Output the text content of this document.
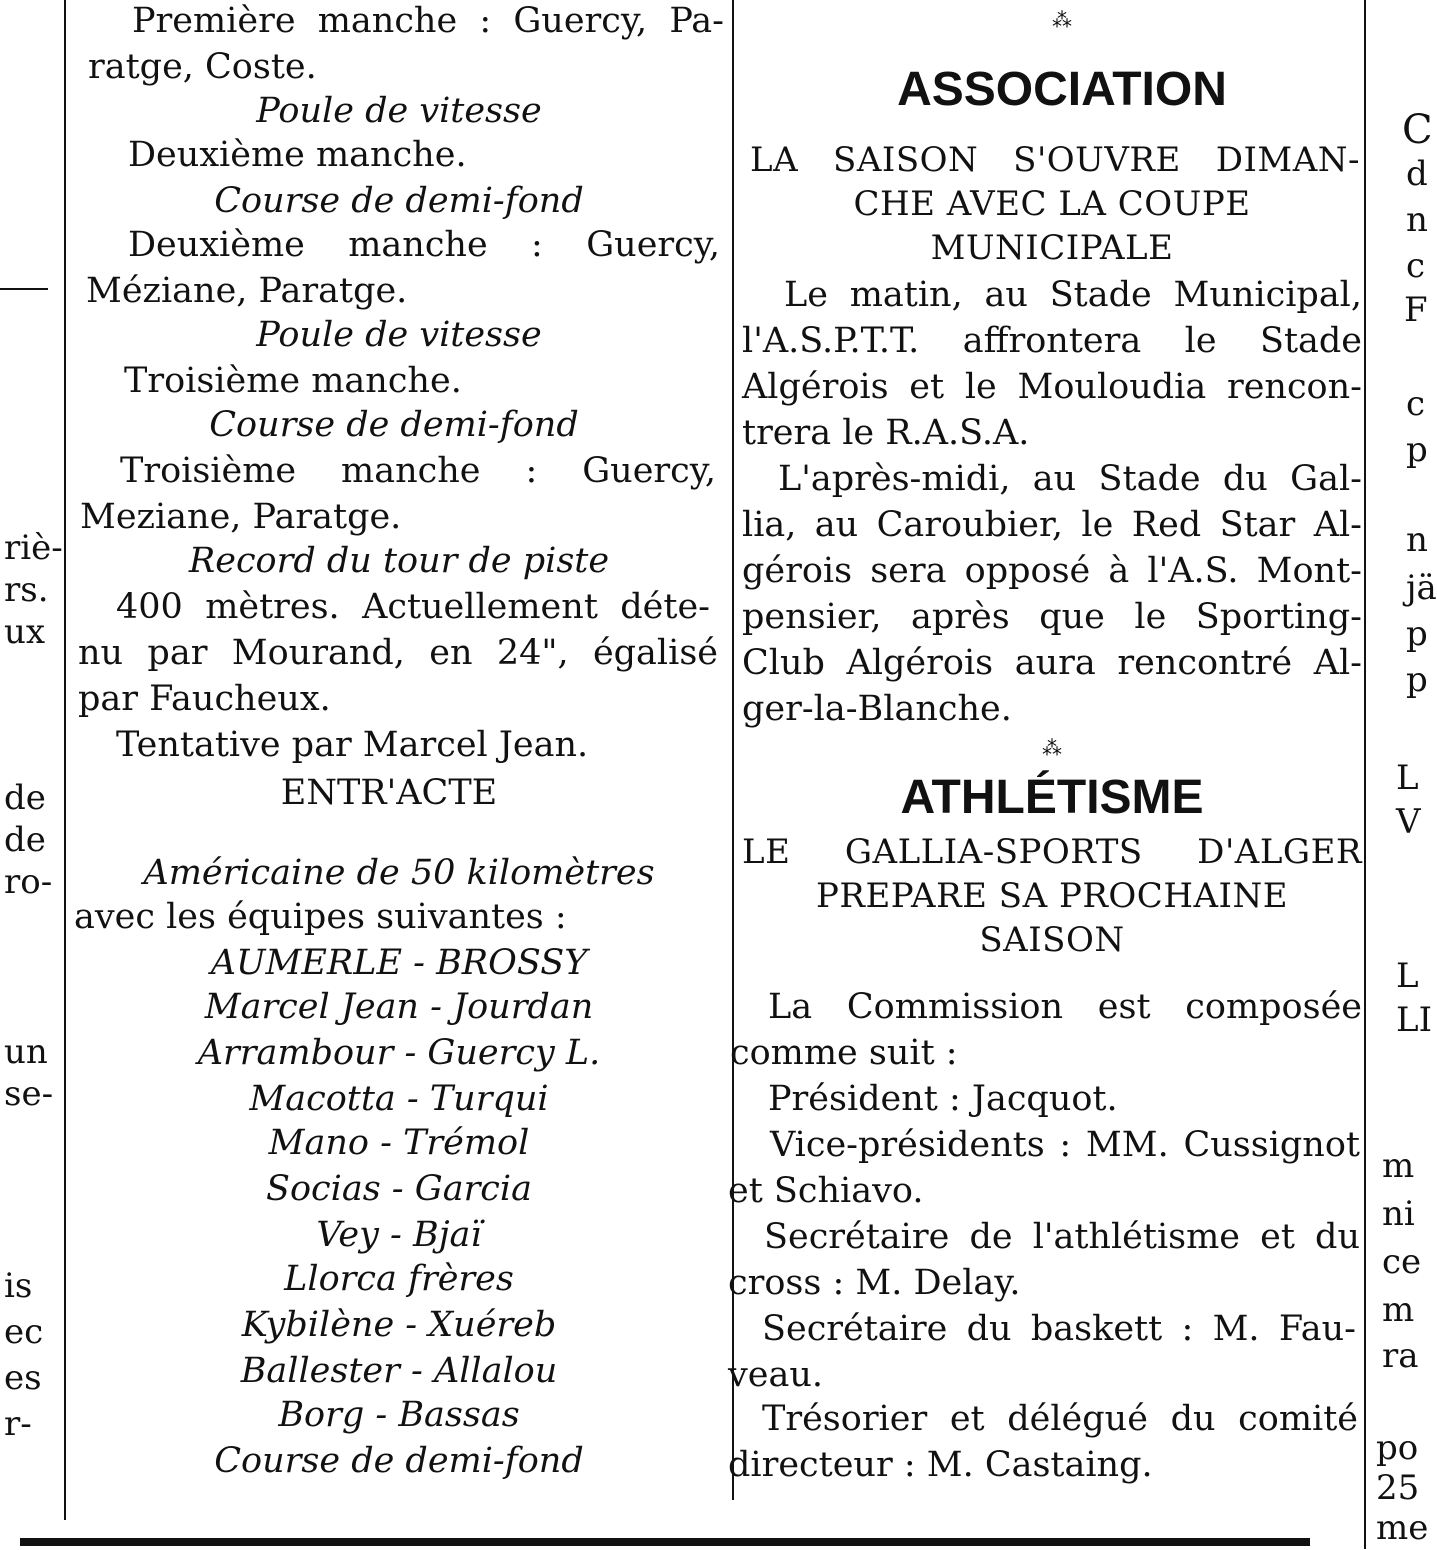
riè-
rs.
ux
de
de
ro-
un
se-
is
ec
es
r-
Première manche : Guercy, Pa-
ratge, Coste.
Poule de vitesse
Deuxième manche.
Course de demi-fond
Deuxième manche : Guercy,
Méziane, Paratge.
Poule de vitesse
Troisième manche.
Course de demi-fond
Troisième manche : Guercy,
Meziane, Paratge.
Record du tour de piste
400 mètres. Actuellement déte-
nu par Mourand, en 24", égalisé
par Faucheux.
Tentative par Marcel Jean.
ENTR'ACTE
Américaine de 50 kilomètres
avec les équipes suivantes :
AUMERLE - BROSSY
Marcel Jean - Jourdan
Arrambour - Guercy L.
Macotta - Turqui
Mano - Trémol
Socias - Garcia
Vey - Bjaï
Llorca frères
Kybilène - Xuéreb
Ballester - Allalou
Borg - Bassas
Course de demi-fond
⁂
ASSOCIATION
LA SAISON S'OUVRE DIMAN-
CHE AVEC LA COUPE
MUNICIPALE
Le matin, au Stade Municipal,
l'A.S.P.T.T. affrontera le Stade
Algérois et le Mouloudia rencon-
trera le R.A.S.A.
L'après-midi, au Stade du Gal-
lia, au Caroubier, le Red Star Al-
gérois sera opposé à l'A.S. Mont-
pensier, après que le Sporting-
Club Algérois aura rencontré Al-
ger-la-Blanche.
⁂
ATHLÉTISME
LE GALLIA-SPORTS D'ALGER
PREPARE SA PROCHAINE
SAISON
La Commission est composée
comme suit :
Président : Jacquot.
Vice-présidents : MM. Cussignot
et Schiavo.
Secrétaire de l'athlétisme et du
cross : M. Delay.
Secrétaire du baskett : M. Fau-
veau.
Trésorier et délégué du comité
directeur : M. Castaing.
C
d
n
c
F
c
p
n
jä
p
p
L
V
L
LI
m
ni
ce
m
ra
po
25
me
